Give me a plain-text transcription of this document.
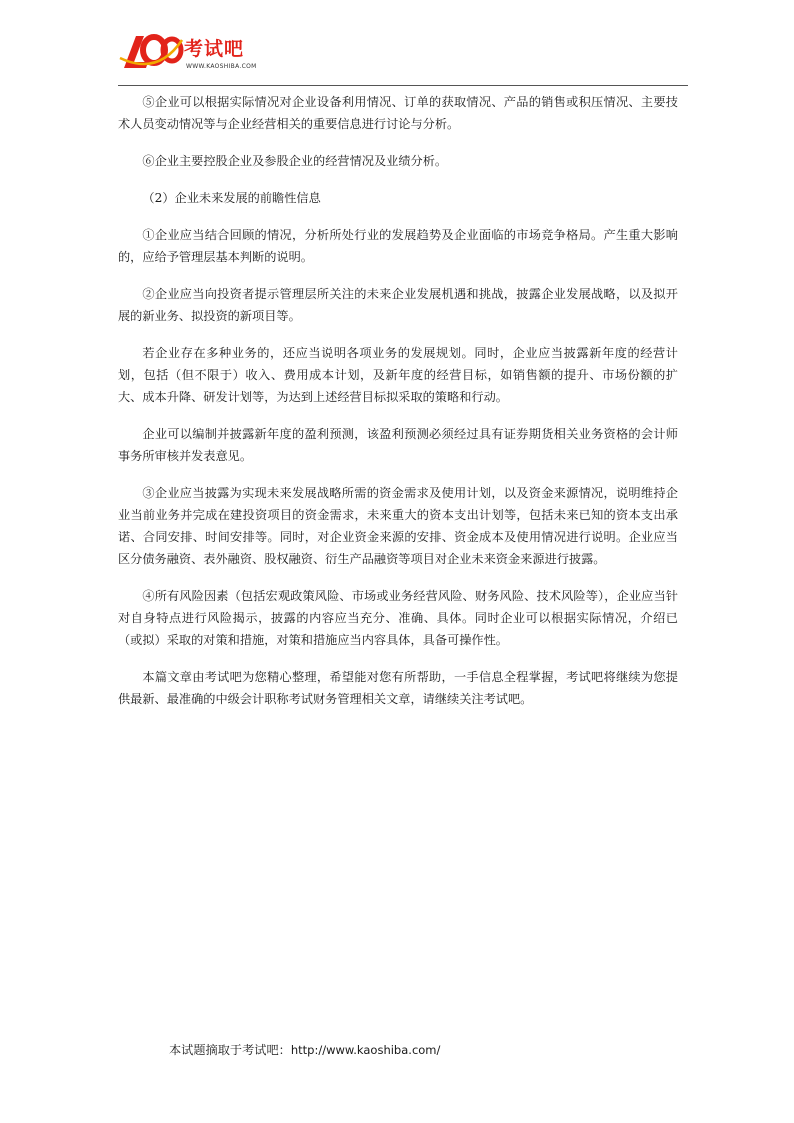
考试吧
WWW.KAOSHIBA.COM

⑤企业可以根据实际情况对企业设备利用情况、订单的获取情况、产品的销售或积压情况、主要技术人员变动情况等与企业经营相关的重要信息进行讨论与分析。

⑥企业主要控股企业及参股企业的经营情况及业绩分析。

（2）企业未来发展的前瞻性信息

①企业应当结合回顾的情况，分析所处行业的发展趋势及企业面临的市场竞争格局。产生重大影响的，应给予管理层基本判断的说明。

②企业应当向投资者提示管理层所关注的未来企业发展机遇和挑战，披露企业发展战略，以及拟开展的新业务、拟投资的新项目等。

若企业存在多种业务的，还应当说明各项业务的发展规划。同时，企业应当披露新年度的经营计划，包括（但不限于）收入、费用成本计划，及新年度的经营目标，如销售额的提升、市场份额的扩大、成本升降、研发计划等，为达到上述经营目标拟采取的策略和行动。

企业可以编制并披露新年度的盈利预测，该盈利预测必须经过具有证券期货相关业务资格的会计师事务所审核并发表意见。

③企业应当披露为实现未来发展战略所需的资金需求及使用计划，以及资金来源情况，说明维持企业当前业务并完成在建投资项目的资金需求，未来重大的资本支出计划等，包括未来已知的资本支出承诺、合同安排、时间安排等。同时，对企业资金来源的安排、资金成本及使用情况进行说明。企业应当区分债务融资、表外融资、股权融资、衍生产品融资等项目对企业未来资金来源进行披露。

④所有风险因素（包括宏观政策风险、市场或业务经营风险、财务风险、技术风险等），企业应当针对自身特点进行风险揭示，披露的内容应当充分、准确、具体。同时企业可以根据实际情况，介绍已（或拟）采取的对策和措施，对策和措施应当内容具体，具备可操作性。

本篇文章由考试吧为您精心整理，希望能对您有所帮助，一手信息全程掌握，考试吧将继续为您提供最新、最准确的中级会计职称考试财务管理相关文章，请继续关注考试吧。

本试题摘取于考试吧：http://www.kaoshiba.com/
